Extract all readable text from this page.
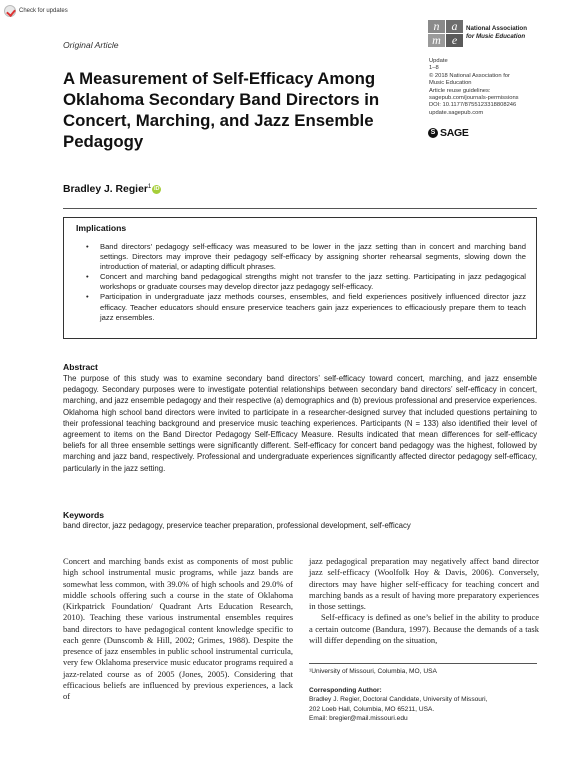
Check for updates
Original Article
n	a
m e
National Association
for Music Education
Update
1–8
© 2018 National Association for
Music Education
Article reuse guidelines:
sagepub.com/journals-permissions
DOI: 10.1177/8755123318808246
update.sagepub.com
S SAGE
A Measurement of Self-Efficacy Among Oklahoma Secondary Band Directors in Concert, Marching, and Jazz Ensemble Pedagogy
Bradley J. Regier$^1$ iD
Implications
• Band directors’ pedagogy self-efficacy was measured to be lower in the jazz setting than in concert and marching band settings. Directors may improve their pedagogy self-efficacy by assigning shorter rehearsal segments, slowing down the introduction of material, or adapting difficult phrases.
• Concert and marching band pedagogical strengths might not transfer to the jazz setting. Participating in jazz pedagogical workshops or graduate courses may develop director jazz pedagogy self-efficacy.
• Participation in undergraduate jazz methods courses, ensembles, and field experiences positively influenced director jazz efficacy. Teacher educators should ensure preservice teachers gain jazz experiences to efficaciously prepare them to teach jazz ensembles.
Abstract

The purpose of this study was to examine secondary band directors’ self-efficacy toward concert, marching, and jazz ensemble pedagogy. Secondary purposes were to investigate potential relationships between secondary band directors’ self-efficacy in concert, marching, and jazz ensemble pedagogy and their respective (a) demographics and (b) previous professional and preservice experiences. Oklahoma high school band directors were invited to participate in a researcher-designed survey that included questions pertaining to their professional teaching background and preservice music teaching experiences. Participants (N = 133) also identified their level of agreement to items on the Band Director Pedagogy Self-Efficacy Measure. Results indicated that mean differences for self-efficacy beliefs for all three ensemble settings were significantly different. Self-efficacy for concert band pedagogy was the highest, followed by marching and jazz band, respectively. Professional and undergraduate experiences significantly affected director pedagogy self-efficacy, particularly in the jazz setting.

Keywords

band director, jazz pedagogy, preservice teacher preparation, professional development, self-efficacy

Concert and marching bands exist as components of most public high school instrumental music programs, while jazz bands are somewhat less common, with 39.0% of high schools and 29.0% of middle schools offering such a course in the state of Oklahoma (Kirkpatrick Foundation/ Quadrant Arts Education Research, 2010). Teaching these various instrumental ensembles requires band directors to have pedagogical content knowledge specific to each genre (Dunscomb & Hill, 2002; Grimes, 1988). Despite the presence of jazz ensembles in public school instrumental curricula, very few Oklahoma preservice music educator programs required a jazz-related course as of 2005 (Jones, 2005). Considering that efficacious beliefs are influenced by previous experiences, a lack of

jazz pedagogical preparation may negatively affect band director jazz self-efficacy (Woolfolk Hoy & Davis, 2006). Conversely, directors may have higher self-efficacy for teaching concert and marching bands as a result of having more preparatory experiences in those settings.

Self-efficacy is defined as one’s belief in the ability to produce a certain outcome (Bandura, 1997). Because the demands of a task will differ depending on the situation,

¹University of Missouri, Columbia, MO, USA
Corresponding Author:
Bradley J. Regier, Doctoral Candidate, University of Missouri,
202 Loeb Hall, Columbia, MO 65211, USA.
Email: bregier@mail.missouri.edu
